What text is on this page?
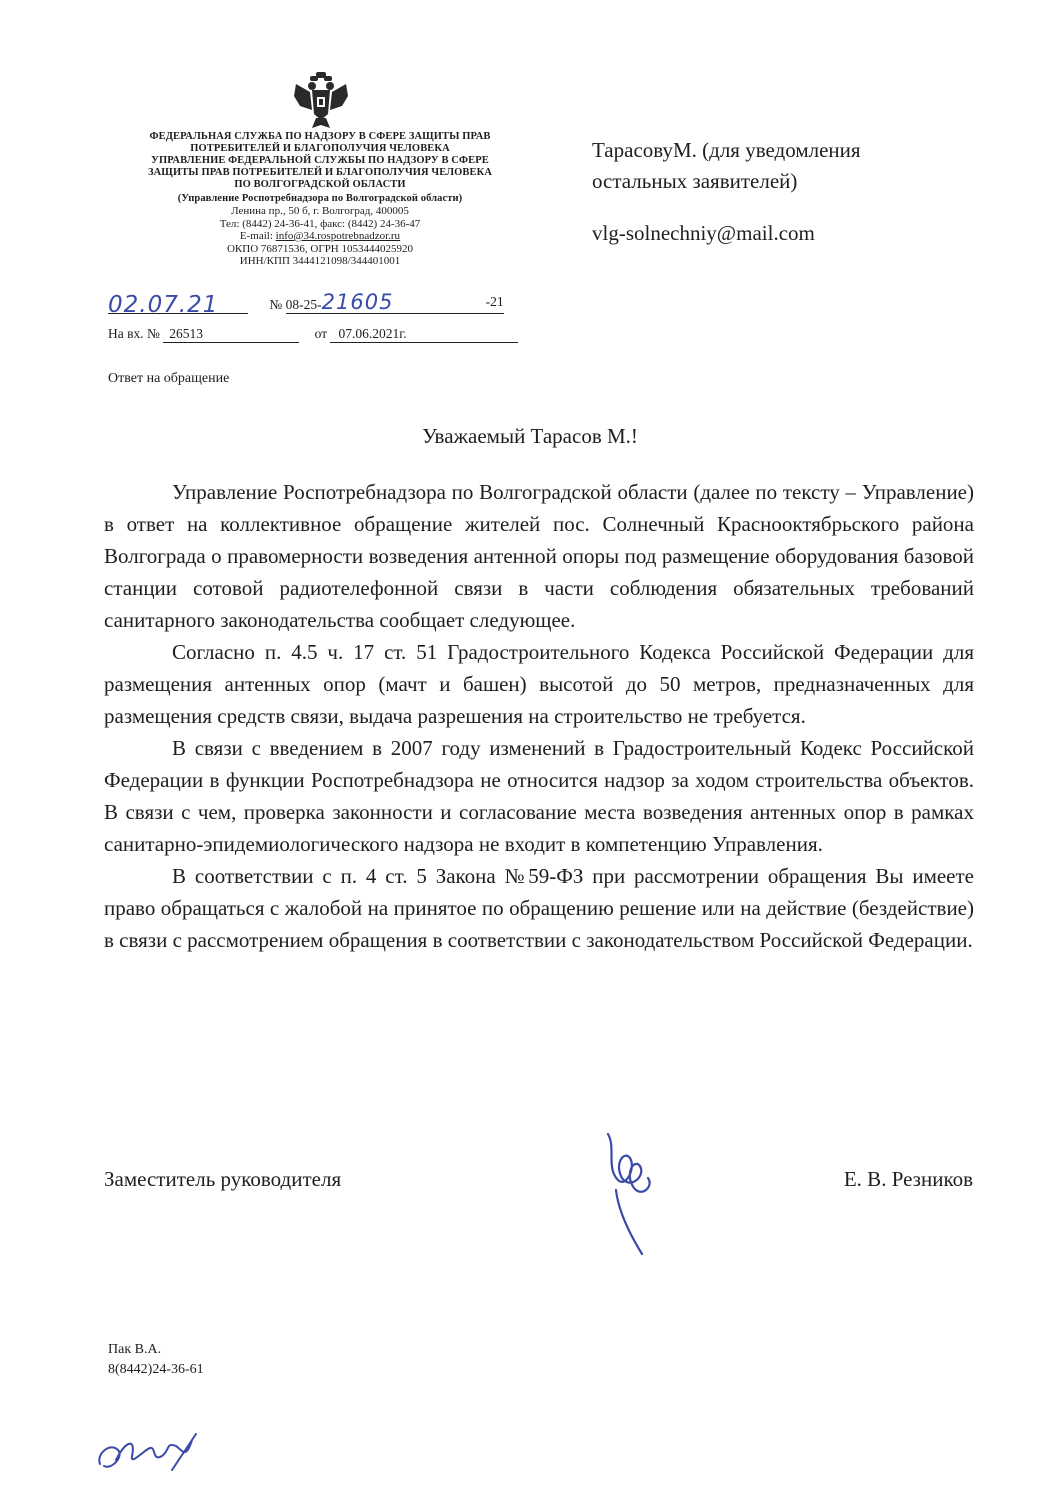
ФЕДЕРАЛЬНАЯ СЛУЖБА ПО НАДЗОРУ В СФЕРЕ ЗАЩИТЫ ПРАВ
ПОТРЕБИТЕЛЕЙ И БЛАГОПОЛУЧИЯ ЧЕЛОВЕКА
УПРАВЛЕНИЕ ФЕДЕРАЛЬНОЙ СЛУЖБЫ ПО НАДЗОРУ В СФЕРЕ
ЗАЩИТЫ ПРАВ ПОТРЕБИТЕЛЕЙ И БЛАГОПОЛУЧИЯ ЧЕЛОВЕКА
ПО ВОЛГОГРАДСКОЙ ОБЛАСТИ
(Управление Роспотребнадзора по Волгоградской области)
Ленина пр., 50 б, г. Волгоград, 400005
Тел: (8442) 24-36-41, факс: (8442) 24-36-47
E-mail: info@34.rospotrebnadzor.ru
ОКПО 76871536, ОГРН 1053444025920
ИНН/КПП 3444121098/344401001
02.07.21	№ 08-25-21605	-21
На вх. № 26513	от 07.06.2021г.
ТарасовуМ. (для уведомления
остальных заявителей)
vlg-solnechniy@mail.com
Ответ на обращение
Уважаемый Тарасов М.!

Управление Роспотребнадзора по Волгоградской области (далее по тексту – Управление) в ответ на коллективное обращение жителей пос. Солнечный Краснооктябрьского района Волгограда о правомерности возведения антенной опоры под размещение оборудования базовой станции сотовой радиотелефонной связи в части соблюдения обязательных требований санитарного законодательства сообщает следующее.

Согласно п. 4.5 ч. 17 ст. 51 Градостроительного Кодекса Российской Федерации для размещения антенных опор (мачт и башен) высотой до 50 метров, предназначенных для размещения средств связи, выдача разрешения на строительство не требуется.

В связи с введением в 2007 году изменений в Градостроительный Кодекс Российской Федерации в функции Роспотребнадзора не относится надзор за ходом строительства объектов. В связи с чем, проверка законности и согласование места возведения антенных опор в рамках санитарно-эпидемиологического надзора не входит в компетенцию Управления.

В соответствии с п. 4 ст. 5 Закона №59-ФЗ при рассмотрении обращения Вы имеете право обращаться с жалобой на принятое по обращению решение или на действие (бездействие) в связи с рассмотрением обращения в соответствии с законодательством Российской Федерации.

Заместитель руководителя	Е. В. Резников
Пак В.А.
8(8442)24-36-61
